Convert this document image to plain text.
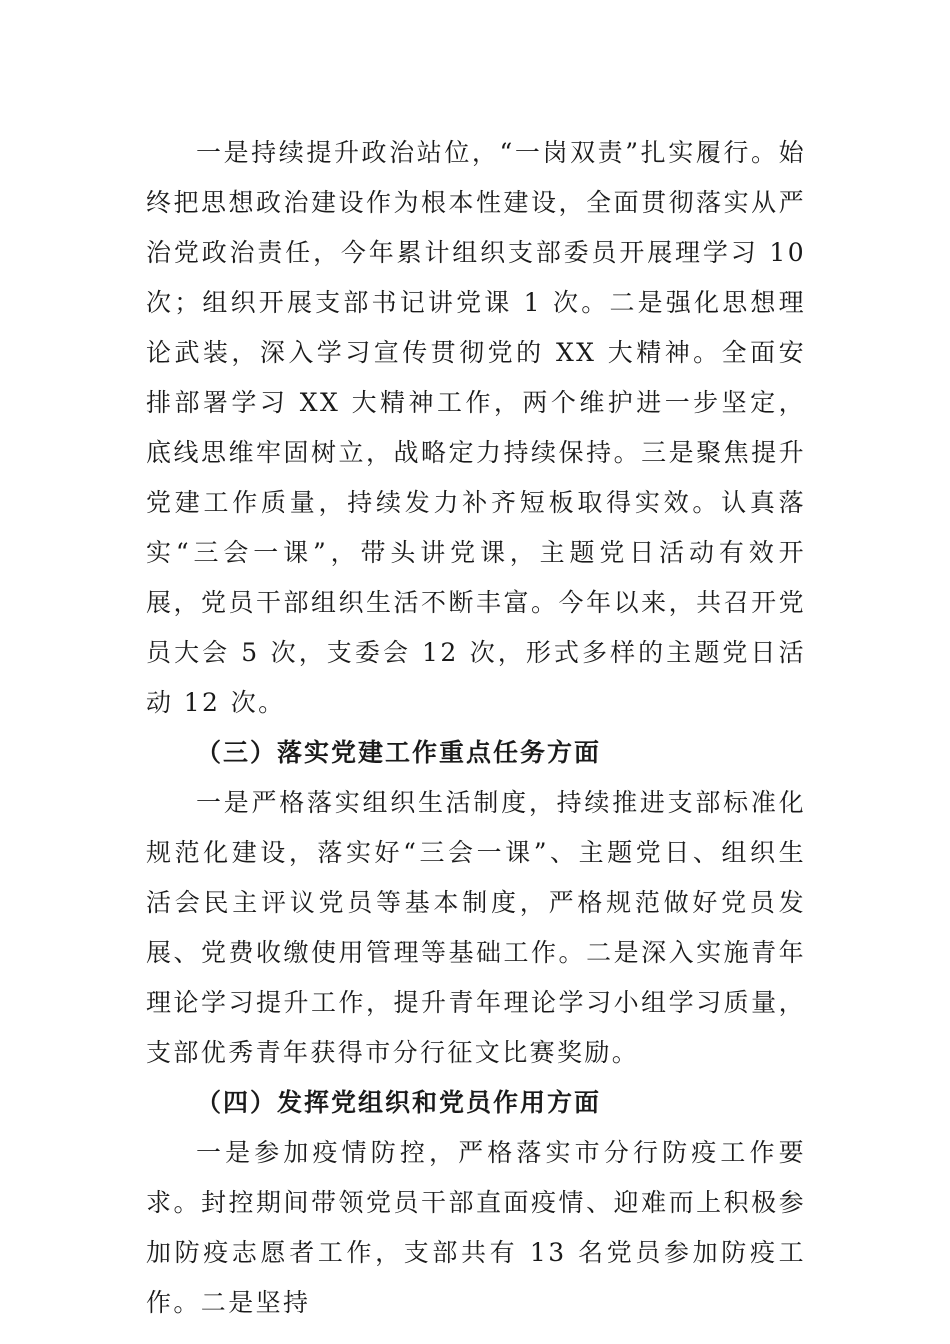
一是持续提升政治站位，“一岗双责”扎实履行。始终把思想政治建设作为根本性建设，全面贯彻落实从严治党政治责任，今年累计组织支部委员开展理学习 10 次；组织开展支部书记讲党课 1 次。二是强化思想理论武装，深入学习宣传贯彻党的 XX 大精神。全面安排部署学习 XX 大精神工作，两个维护进一步坚定，底线思维牢固树立，战略定力持续保持。三是聚焦提升党建工作质量，持续发力补齐短板取得实效。认真落实“三会一课”，带头讲党课，主题党日活动有效开展，党员干部组织生活不断丰富。今年以来，共召开党员大会 5 次，支委会 12 次，形式多样的主题党日活动 12 次。

（三）落实党建工作重点任务方面

一是严格落实组织生活制度，持续推进支部标准化规范化建设，落实好“三会一课”、主题党日、组织生活会民主评议党员等基本制度，严格规范做好党员发展、党费收缴使用管理等基础工作。二是深入实施青年理论学习提升工作，提升青年理论学习小组学习质量，支部优秀青年获得市分行征文比赛奖励。

（四）发挥党组织和党员作用方面

一是参加疫情防控，严格落实市分行防疫工作要求。封控期间带领党员干部直面疫情、迎难而上积极参加防疫志愿者工作，支部共有 13 名党员参加防疫工作。二是坚持
